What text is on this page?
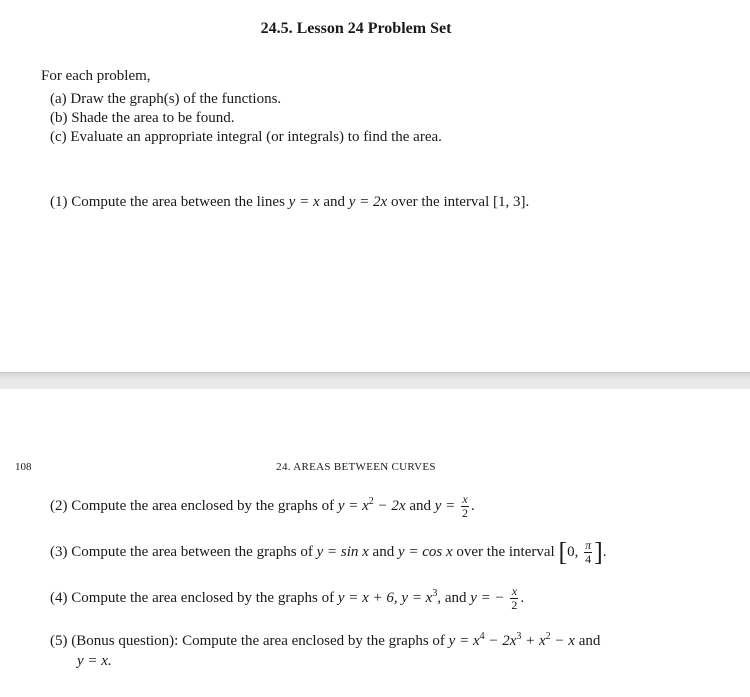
24.5. Lesson 24 Problem Set
For each problem,
(a) Draw the graph(s) of the functions.
(b) Shade the area to be found.
(c) Evaluate an appropriate integral (or integrals) to find the area.
(1) Compute the area between the lines y = x and y = 2x over the interval [1, 3].
108	24. AREAS BETWEEN CURVES
(2) Compute the area enclosed by the graphs of $y = x^2 - 2x$ and $y = \frac{x}{2}$ .
(3) Compute the area between the graphs of y = sin x and y = cos x over the interval [0, $\frac{\pi}{4}$ ].
(4) Compute the area enclosed by the graphs of y = x + 6, $y = x^3$, and y = − $\frac{x}{2}$ .
(5) (Bonus question): Compute the area enclosed by the graphs of $y = x^4 - 2x^3 + x^2 - x$ and
y = x.
